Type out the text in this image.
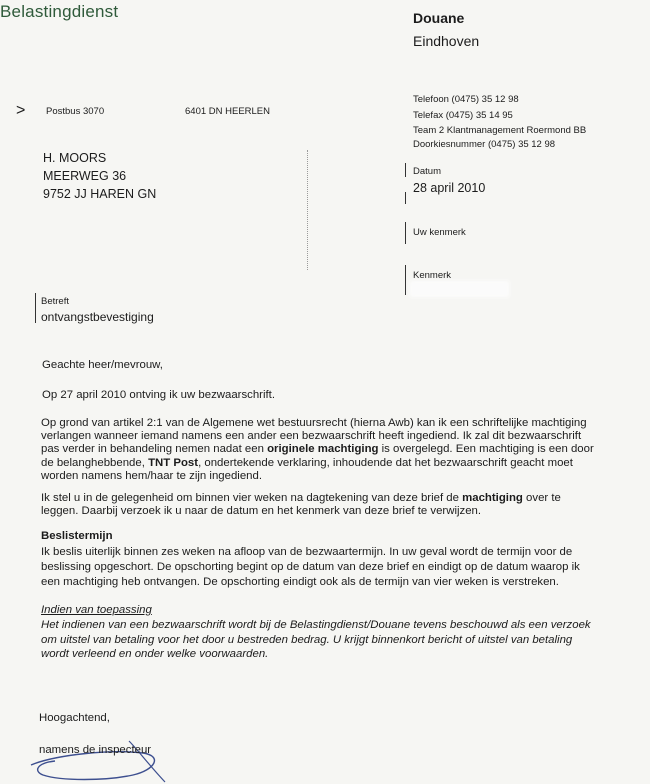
Belastingdienst	Douane
Eindhoven
> Postbus 3070	6401 DN HEERLEN
Telefoon (0475) 35 12 98
Telefax (0475) 35 14 95
Team 2 Klantmanagement Roermond BB
Doorkiesnummer (0475) 35 12 98
H. MOORS
MEERWEG 36
9752 JJ HAREN GN
Datum
28 april 2010
Uw kenmerk
Kenmerk
Betreft
ontvangstbevestiging
Geachte heer/mevrouw,
Op 27 april 2010 ontving ik uw bezwaarschrift.
Op grond van artikel 2:1 van de Algemene wet bestuursrecht (hierna Awb) kan ik een schriftelijke machtiging
verlangen wanneer iemand namens een ander een bezwaarschrift heeft ingediend. Ik zal dit bezwaarschrift
pas verder in behandeling nemen nadat een originele machtiging is overgelegd. Een machtiging is een door
de belanghebbende, TNT Post, ondertekende verklaring, inhoudende dat het bezwaarschrift geacht moet
worden namens hem/haar te zijn ingediend.
Ik stel u in de gelegenheid om binnen vier weken na dagtekening van deze brief de machtiging over te
leggen. Daarbij verzoek ik u naar de datum en het kenmerk van deze brief te verwijzen.
Beslistermijn
Ik beslis uiterlijk binnen zes weken na afloop van de bezwaartermijn. In uw geval wordt de termijn voor de
beslissing opgeschort. De opschorting begint op de datum van deze brief en eindigt op de datum waarop ik
een machtiging heb ontvangen. De opschorting eindigt ook als de termijn van vier weken is verstreken.
Indien van toepassing
Het indienen van een bezwaarschrift wordt bij de Belastingdienst/Douane tevens beschouwd als een verzoek
om uitstel van betaling voor het door u bestreden bedrag. U krijgt binnenkort bericht of uitstel van betaling
wordt verleend en onder welke voorwaarden.
Hoogachtend,
namens de inspecteur
